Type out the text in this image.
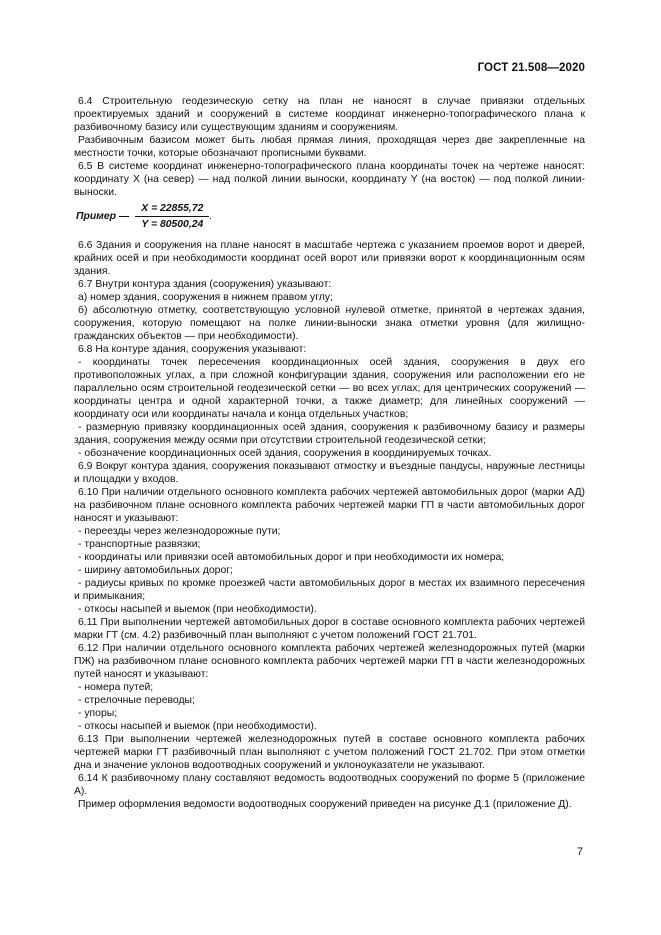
ГОСТ 21.508—2020

6.4 Строительную геодезическую сетку на план не наносят в случае привязки отдельных проектируемых зданий и сооружений в системе координат инженерно-топографического плана к разбивочному базису или существующим зданиям и сооружениям.

Разбивочным базисом может быть любая прямая линия, проходящая через две закрепленные на местности точки, которые обозначают прописными буквами.

6.5 В системе координат инженерно-топографического плана координаты точек на чертеже наносят: координату X (на север) — над полкой линии выноски, координату Y (на восток) — под полкой линии-выноски.

Пример — $\frac{X = 22855,72}{Y = 80500,24}$ .

6.6 Здания и сооружения на плане наносят в масштабе чертежа с указанием проемов ворот и дверей, крайних осей и при необходимости координат осей ворот или привязки ворот к координационным осям здания.

6.7 Внутри контура здания (сооружения) указывают:

а) номер здания, сооружения в нижнем правом углу;

б) абсолютную отметку, соответствующую условной нулевой отметке, принятой в чертежах здания, сооружения, которую помещают на полке линии-выноски знака отметки уровня (для жилищно-гражданских объектов — при необходимости).

6.8 На контуре здания, сооружения указывают:

- координаты точек пересечения координационных осей здания, сооружения в двух его противоположных углах, а при сложной конфигурации здания, сооружения или расположении его не параллельно осям строительной геодезической сетки — во всех углах; для центрических сооружений — координаты центра и одной характерной точки, а также диаметр; для линейных сооружений — координату оси или координаты начала и конца отдельных участков;

- размерную привязку координационных осей здания, сооружения к разбивочному базису и размеры здания, сооружения между осями при отсутствии строительной геодезической сетки;

- обозначение координационных осей здания, сооружения в координируемых точках.

6.9 Вокруг контура здания, сооружения показывают отмостку и въездные пандусы, наружные лестницы и площадки у входов.

6.10 При наличии отдельного основного комплекта рабочих чертежей автомобильных дорог (марки АД) на разбивочном плане основного комплекта рабочих чертежей марки ГП в части автомобильных дорог наносят и указывают:

- переезды через железнодорожные пути;

- транспортные развязки;

- координаты или привязки осей автомобильных дорог и при необходимости их номера;

- ширину автомобильных дорог;

- радиусы кривых по кромке проезжей части автомобильных дорог в местах их взаимного пересечения и примыкания;

- откосы насыпей и выемок (при необходимости).

6.11 При выполнении чертежей автомобильных дорог в составе основного комплекта рабочих чертежей марки ГТ (см. 4.2) разбивочный план выполняют с учетом положений ГОСТ 21.701.

6.12 При наличии отдельного основного комплекта рабочих чертежей железнодорожных путей (марки ПЖ) на разбивочном плане основного комплекта рабочих чертежей марки ГП в части железнодорожных путей наносят и указывают:

- номера путей;

- стрелочные переводы;

- упоры;

- откосы насыпей и выемок (при необходимости).

6.13 При выполнении чертежей железнодорожных путей в составе основного комплекта рабочих чертежей марки ГТ разбивочный план выполняют с учетом положений ГОСТ 21.702. При этом отметки дна и значение уклонов водоотводных сооружений и уклоноуказатели не указывают.

6.14 К разбивочному плану составляют ведомость водоотводных сооружений по форме 5 (приложение А).

Пример оформления ведомости водоотводных сооружений приведен на рисунке Д.1 (приложение Д).

7
